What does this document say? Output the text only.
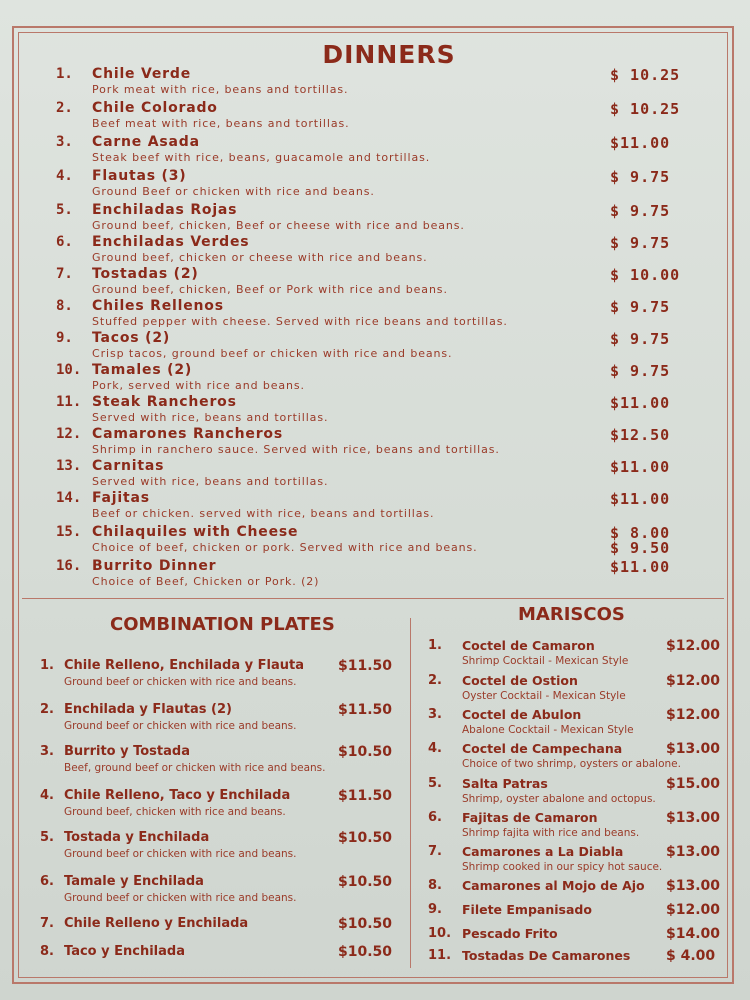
DINNERS
1. Chile Verde
Pork meat with rice, beans and tortillas.
$ 10.25
2. Chile Colorado
Beef meat with rice, beans and tortillas.
$ 10.25
3. Carne Asada
Steak beef with rice, beans, guacamole and tortillas.
$11.00
4. Flautas (3)
Ground Beef or chicken with rice and beans.
$ 9.75
5. Enchiladas Rojas
Ground beef, chicken, Beef or cheese with rice and beans.
$ 9.75
6. Enchiladas Verdes
Ground beef, chicken or cheese with rice and beans.
$ 9.75
7. Tostadas (2)
Ground beef, chicken, Beef or Pork with rice and beans.
$ 10.00
8. Chiles Rellenos
Stuffed pepper with cheese. Served with rice beans and tortillas.
$ 9.75
9. Tacos (2)
Crisp tacos, ground beef or chicken with rice and beans.
$ 9.75
10. Tamales (2)
Pork, served with rice and beans.
$ 9.75
11. Steak Rancheros
Served with rice, beans and tortillas.
$11.00
12. Camarones Rancheros
Shrimp in ranchero sauce. Served with rice, beans and tortillas.
$12.50
13. Carnitas
Served with rice, beans and tortillas.
$11.00
14. Fajitas
Beef or chicken. served with rice, beans and tortillas.
$11.00
15. Chilaquiles with Cheese
Choice of beef, chicken or pork. Served with rice and beans.
$ 8.00
$ 9.50
16. Burrito Dinner
Choice of Beef, Chicken or Pork. (2)
$11.00
COMBINATION PLATES	MARISCOS
1. Chile Relleno, Enchilada y Flauta
Ground beef or chicken with rice and beans.
$11.50
2. Enchilada y Flautas (2)
Ground beef or chicken with rice and beans.
$11.50
3. Burrito y Tostada
Beef, ground beef or chicken with rice and beans.
$10.50
4. Chile Relleno, Taco y Enchilada
Ground beef, chicken with rice and beans.
$11.50
5. Tostada y Enchilada
Ground beef or chicken with rice and beans.
$10.50
6. Tamale y Enchilada
Ground beef or chicken with rice and beans.
$10.50
7. Chile Relleno y Enchilada	$10.50
8. Taco y Enchilada	$10.50
1. Coctel de Camaron
Shrimp Cocktail - Mexican Style
$12.00
2. Coctel de Ostion
Oyster Cocktail - Mexican Style
$12.00
3. Coctel de Abulon
Abalone Cocktail - Mexican Style
$12.00
4. Coctel de Campechana
Choice of two shrimp, oysters or abalone.
$13.00
5. Salta Patras
Shrimp, oyster abalone and octopus.
$15.00
6. Fajitas de Camaron
Shrimp fajita with rice and beans.
$13.00
7. Camarones a La Diabla
Shrimp cooked in our spicy hot sauce.
$13.00
8. Camarones al Mojo de Ajo $13.00
9. Filete Empanisado	$12.00
10. Pescado Frito	$14.00
11. Tostadas De Camarones	$ 4.00
